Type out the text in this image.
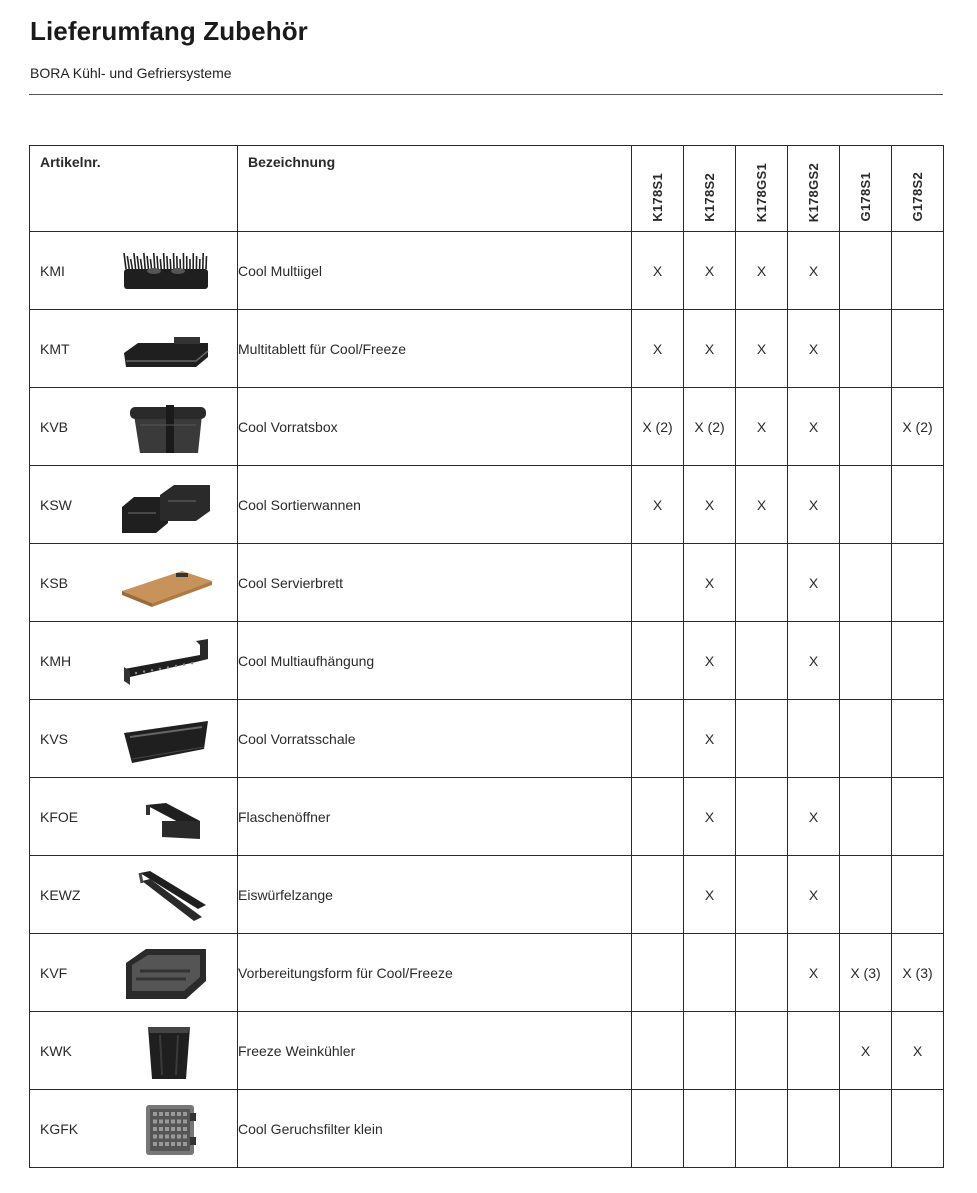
Lieferumfang Zubehör
BORA Kühl- und Gefriersysteme
Artikelnr.	Bezeichnung	K178S1	K178S2	K178GS1	K178GS2	G178S1	G178S2

KMI	Cool Multiigel	X	X	X	X		

KMT	Multitablett für Cool/Freeze	X	X	X	X		

KVB	Cool Vorratsbox	X (2)	X (2)	X	X		X (2)

KSW	Cool Sortierwannen	X	X	X	X		

KSB	Cool Servierbrett		X		X		

KMH	Cool Multiaufhängung		X		X		

KVS	Cool Vorratsschale		X				

KFOE	Flaschenöffner		X		X		

KEWZ	Eiswürfelzange		X		X		

KVF	Vorbereitungsform für Cool/Freeze				X	X (3)	X (3)

KWK	Freeze Weinkühler					X	X

KGFK	Cool Geruchsfilter klein						
